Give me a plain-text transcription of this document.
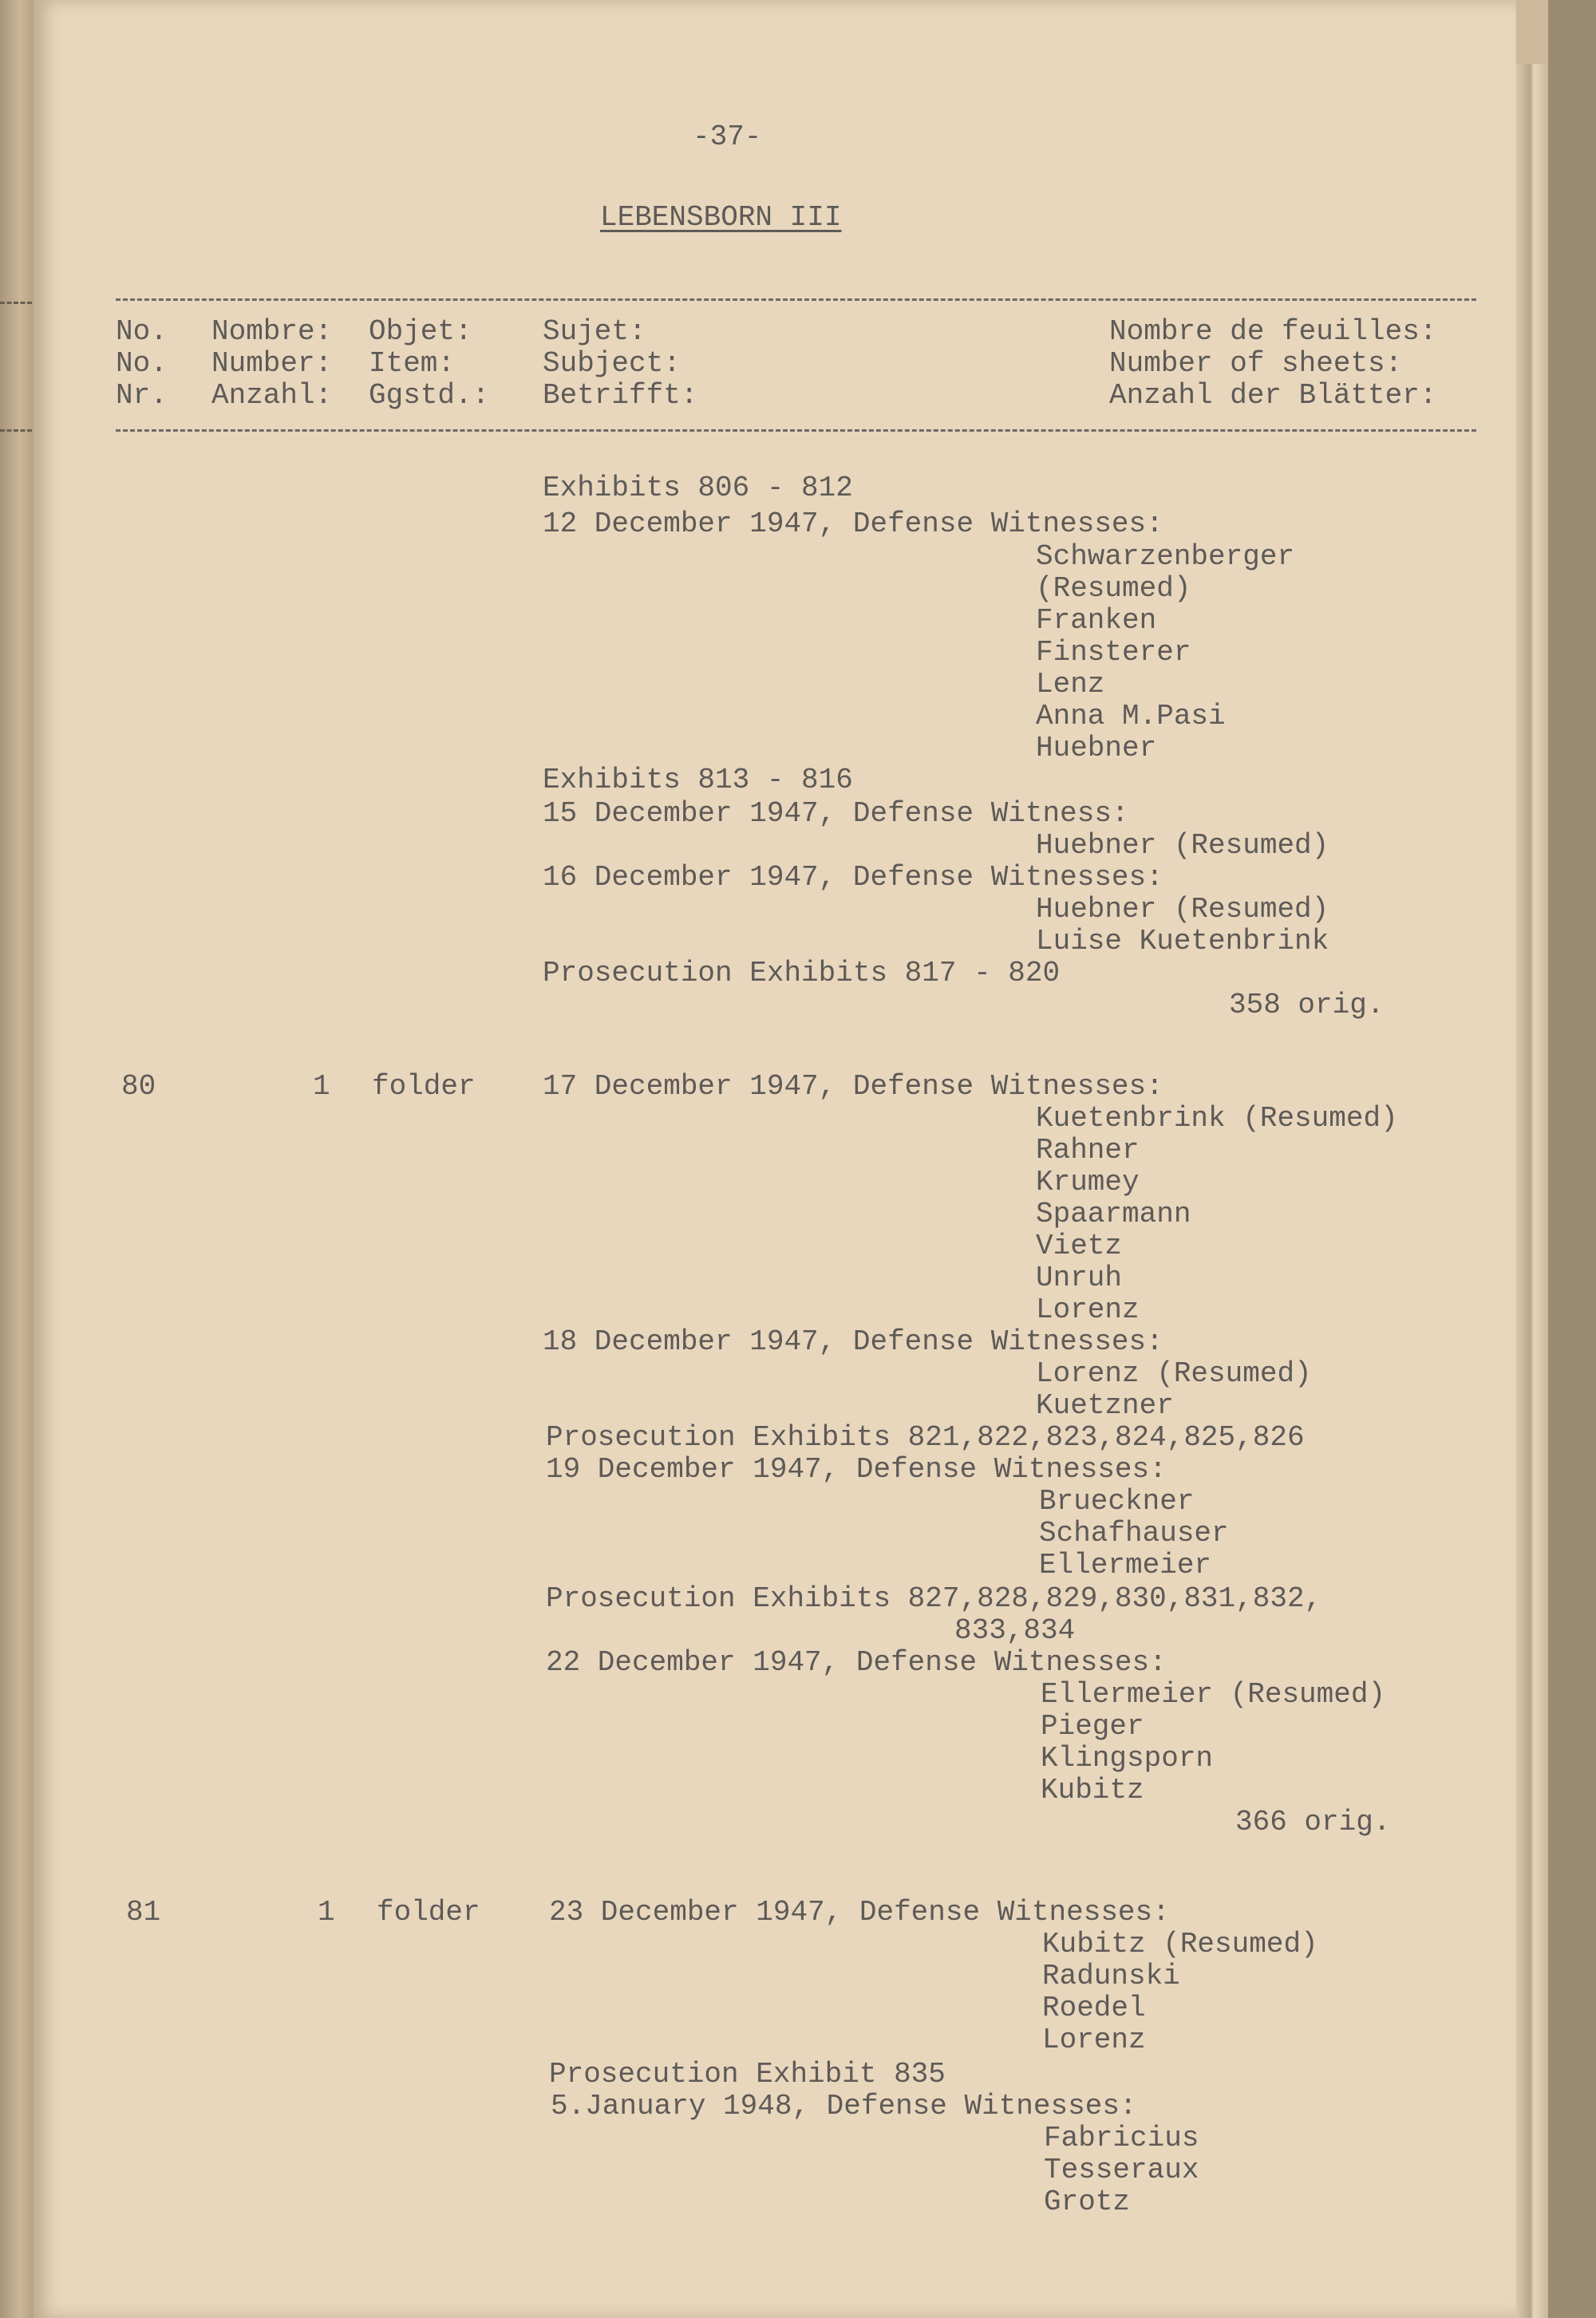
-37-
LEBENSBORN III
No.
No.
Nr.
Nombre:
Number:
Anzahl:
Objet:
Item:
Ggstd.:
Sujet:
Subject:
Betrifft:
Nombre de feuilles:
Number of sheets:
Anzahl der Blätter:
Exhibits 806 - 812
12 December 1947, Defense Witnesses:
Schwarzenberger
(Resumed)
Franken
Finsterer
Lenz
Anna M.Pasi
Huebner
Exhibits 813 - 816
15 December 1947, Defense Witness:
Huebner (Resumed)
16 December 1947, Defense Witnesses:
Huebner (Resumed)
Luise Kuetenbrink
Prosecution Exhibits 817 - 820
358 orig.
80	1 folder 17 December 1947, Defense Witnesses:
Kuetenbrink (Resumed)
Rahner
Krumey
Spaarmann
Vietz
Unruh
Lorenz
18 December 1947, Defense Witnesses:
Lorenz (Resumed)
Kuetzner
Prosecution Exhibits 821,822,823,824,825,826
19 December 1947, Defense Witnesses:
Brueckner
Schafhauser
Ellermeier
Prosecution Exhibits 827,828,829,830,831,832,
833,834
22 December 1947, Defense Witnesses:
Ellermeier (Resumed)
Pieger
Klingsporn
Kubitz
366 orig.
81	1 folder 23 December 1947, Defense Witnesses:
Kubitz (Resumed)
Radunski
Roedel
Lorenz
Prosecution Exhibit 835
5.January 1948, Defense Witnesses:
Fabricius
Tesseraux
Grotz
